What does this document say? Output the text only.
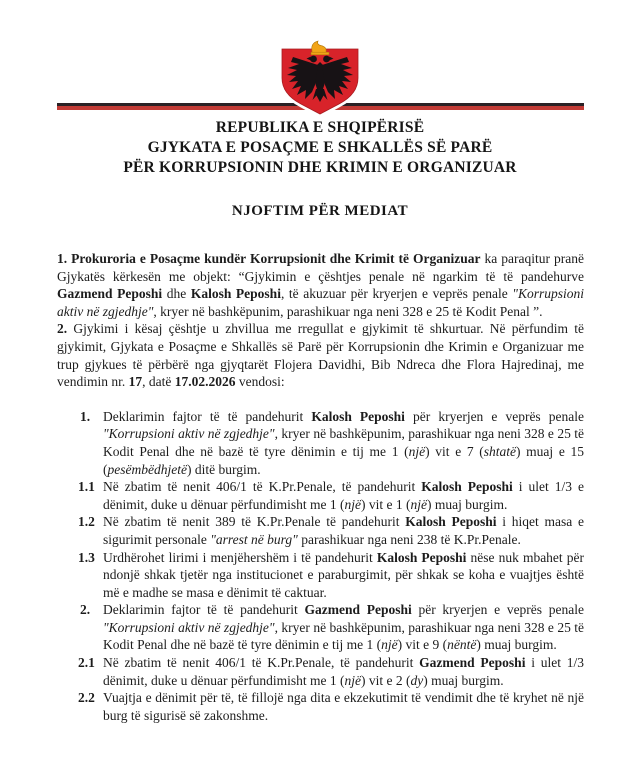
REPUBLIKA E SHQIPËRISË
GJYKATA E POSAÇME E SHKALLËS SË PARË
PËR KORRUPSIONIN DHE KRIMIN E ORGANIZUAR
NJOFTIM PËR MEDIAT
1. Prokuroria e Posaçme kundër Korrupsionit dhe Krimit të Organizuar ka paraqitur pranë Gjykatës kërkesën me objekt: “Gjykimin e çështjes penale në ngarkim të të pandehurve Gazmend Peposhi dhe Kalosh Peposhi, të akuzuar për kryerjen e veprës penale "Korrupsioni aktiv në zgjedhje", kryer në bashkëpunim, parashikuar nga neni 328 e 25 të Kodit Penal ”.
2. Gjykimi i kësaj çështje u zhvillua me rregullat e gjykimit të shkurtuar. Në përfundim të gjykimit, Gjykata e Posaçme e Shkallës së Parë për Korrupsionin dhe Krimin e Organizuar me trup gjykues të përbërë nga gjyqtarët Flojera Davidhi, Bib Ndreca dhe Flora Hajredinaj, me vendimin nr. 17, datë 17.02.2026 vendosi:
1. Deklarimin fajtor të të pandehurit Kalosh Peposhi për kryerjen e veprës penale "Korrupsioni aktiv në zgjedhje", kryer në bashkëpunim, parashikuar nga neni 328 e 25 të Kodit Penal dhe në bazë të tyre dënimin e tij me 1 (një) vit e 7 (shtatë) muaj e 15 (pesëmbëdhjetë) ditë burgim.
1.1 Në zbatim të nenit 406/1 të K.Pr.Penale, të pandehurit Kalosh Peposhi i ulet 1/3 e dënimit, duke u dënuar përfundimisht me 1 (një) vit e 1 (një) muaj burgim.
1.2 Në zbatim të nenit 389 të K.Pr.Penale të pandehurit Kalosh Peposhi i hiqet masa e sigurimit personale "arrest në burg" parashikuar nga neni 238 të K.Pr.Penale.
1.3 Urdhërohet lirimi i menjëhershëm i të pandehurit Kalosh Peposhi nëse nuk mbahet për ndonjë shkak tjetër nga institucionet e paraburgimit, për shkak se koha e vuajtjes është më e madhe se masa e dënimit të caktuar.
2. Deklarimin fajtor të të pandehurit Gazmend Peposhi për kryerjen e veprës penale "Korrupsioni aktiv në zgjedhje", kryer në bashkëpunim, parashikuar nga neni 328 e 25 të Kodit Penal dhe në bazë të tyre dënimin e tij me 1 (një) vit e 9 (nëntë) muaj burgim.
2.1 Në zbatim të nenit 406/1 të K.Pr.Penale, të pandehurit Gazmend Peposhi i ulet 1/3 dënimit, duke u dënuar përfundimisht me 1 (një) vit e 2 (dy) muaj burgim.
2.2 Vuajtja e dënimit për të, të fillojë nga dita e ekzekutimit të vendimit dhe të kryhet në një burg të sigurisë së zakonshme.
